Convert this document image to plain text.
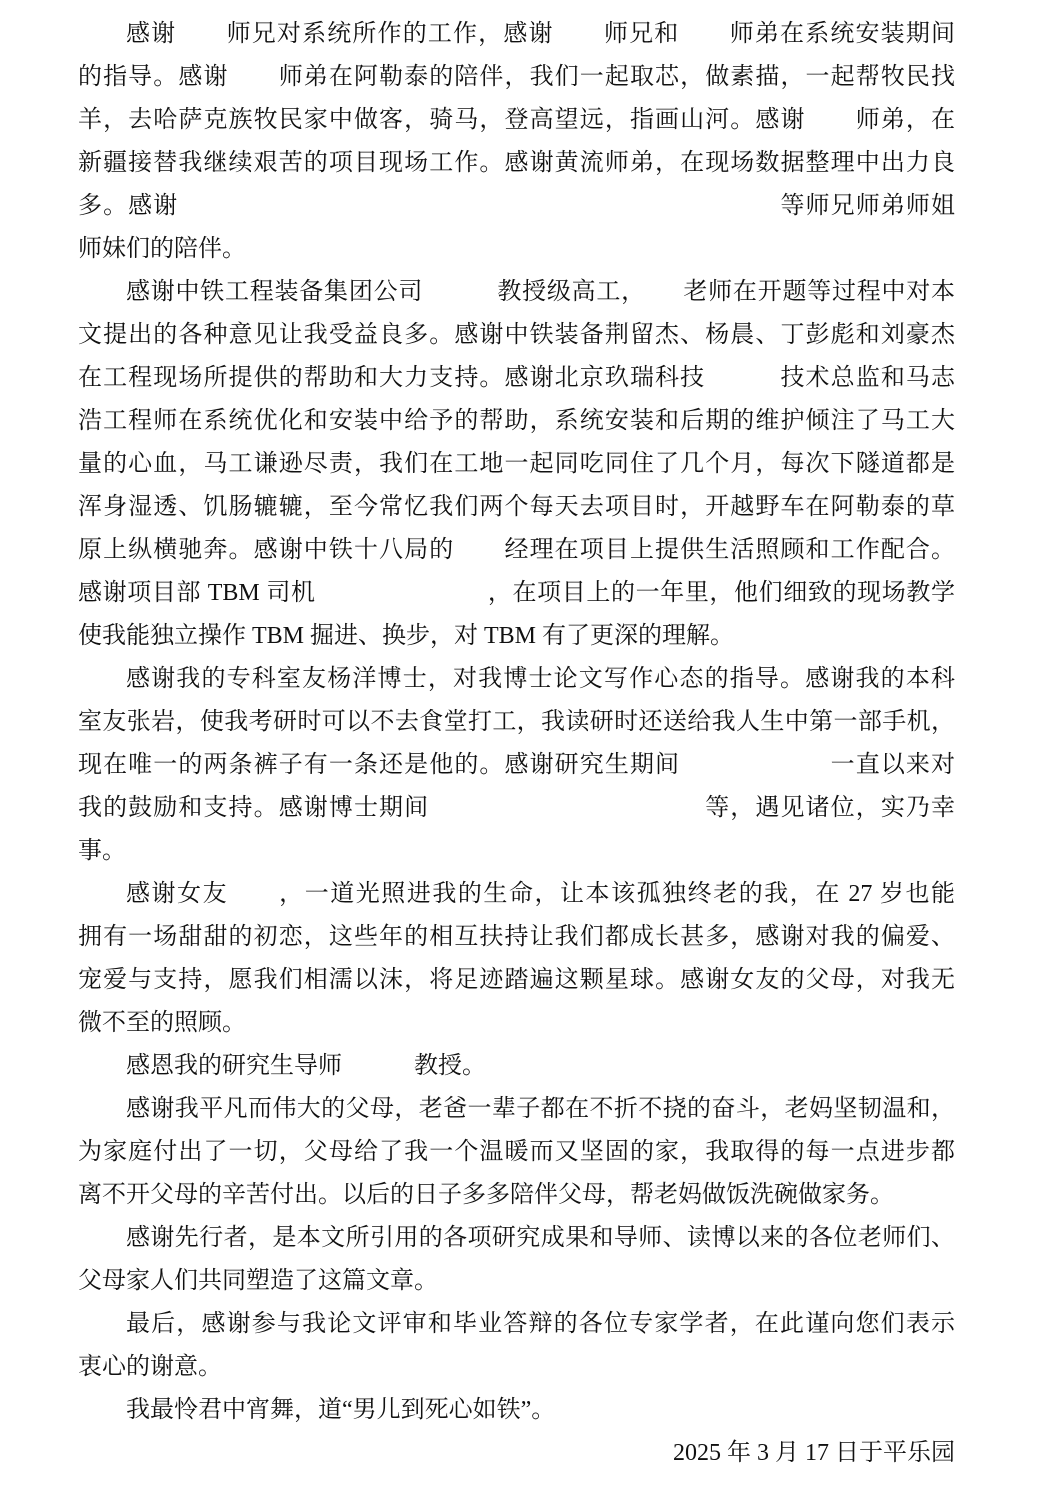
感谢　　师兄对系统所作的工作，感谢　　师兄和　　师弟在系统安装期间
的指导。感谢　　师弟在阿勒泰的陪伴，我们一起取芯，做素描，一起帮牧民找
羊，去哈萨克族牧民家中做客，骑马，登高望远，指画山河。感谢　　师弟，在
新疆接替我继续艰苦的项目现场工作。感谢黄流师弟，在现场数据整理中出力良
多。感谢　　　　　　　　　　　　　　　　　　　　　　　　等师兄师弟师姐
师妹们的陪伴。
感谢中铁工程装备集团公司　　　教授级高工，　　老师在开题等过程中对本
文提出的各种意见让我受益良多。感谢中铁装备荆留杰、杨晨、丁彭彪和刘豪杰
在工程现场所提供的帮助和大力支持。感谢北京玖瑞科技　　　技术总监和马志
浩工程师在系统优化和安装中给予的帮助，系统安装和后期的维护倾注了马工大
量的心血，马工谦逊尽责，我们在工地一起同吃同住了几个月，每次下隧道都是
浑身湿透、饥肠辘辘，至今常忆我们两个每天去项目时，开越野车在阿勒泰的草
原上纵横驰奔。感谢中铁十八局的　　经理在项目上提供生活照顾和工作配合。
感谢项目部 TBM 司机　　　　　　　，在项目上的一年里，他们细致的现场教学
使我能独立操作 TBM 掘进、换步，对 TBM 有了更深的理解。
感谢我的专科室友杨洋博士，对我博士论文写作心态的指导。感谢我的本科
室友张岩，使我考研时可以不去食堂打工，我读研时还送给我人生中第一部手机，
现在唯一的两条裤子有一条还是他的。感谢研究生期间　　　　　　一直以来对
我的鼓励和支持。感谢博士期间　　　　　　　　　　　等，遇见诸位，实乃幸
事。
感谢女友　　，一道光照进我的生命，让本该孤独终老的我，在 27 岁也能
拥有一场甜甜的初恋，这些年的相互扶持让我们都成长甚多，感谢对我的偏爱、
宠爱与支持，愿我们相濡以沫，将足迹踏遍这颗星球。感谢女友的父母，对我无
微不至的照顾。
感恩我的研究生导师　　　教授。
感谢我平凡而伟大的父母，老爸一辈子都在不折不挠的奋斗，老妈坚韧温和，
为家庭付出了一切，父母给了我一个温暖而又坚固的家，我取得的每一点进步都
离不开父母的辛苦付出。以后的日子多多陪伴父母，帮老妈做饭洗碗做家务。
感谢先行者，是本文所引用的各项研究成果和导师、读博以来的各位老师们、
父母家人们共同塑造了这篇文章。
最后，感谢参与我论文评审和毕业答辩的各位专家学者，在此谨向您们表示
衷心的谢意。
我最怜君中宵舞，道“男儿到死心如铁”。
2025 年 3 月 17 日于平乐园
